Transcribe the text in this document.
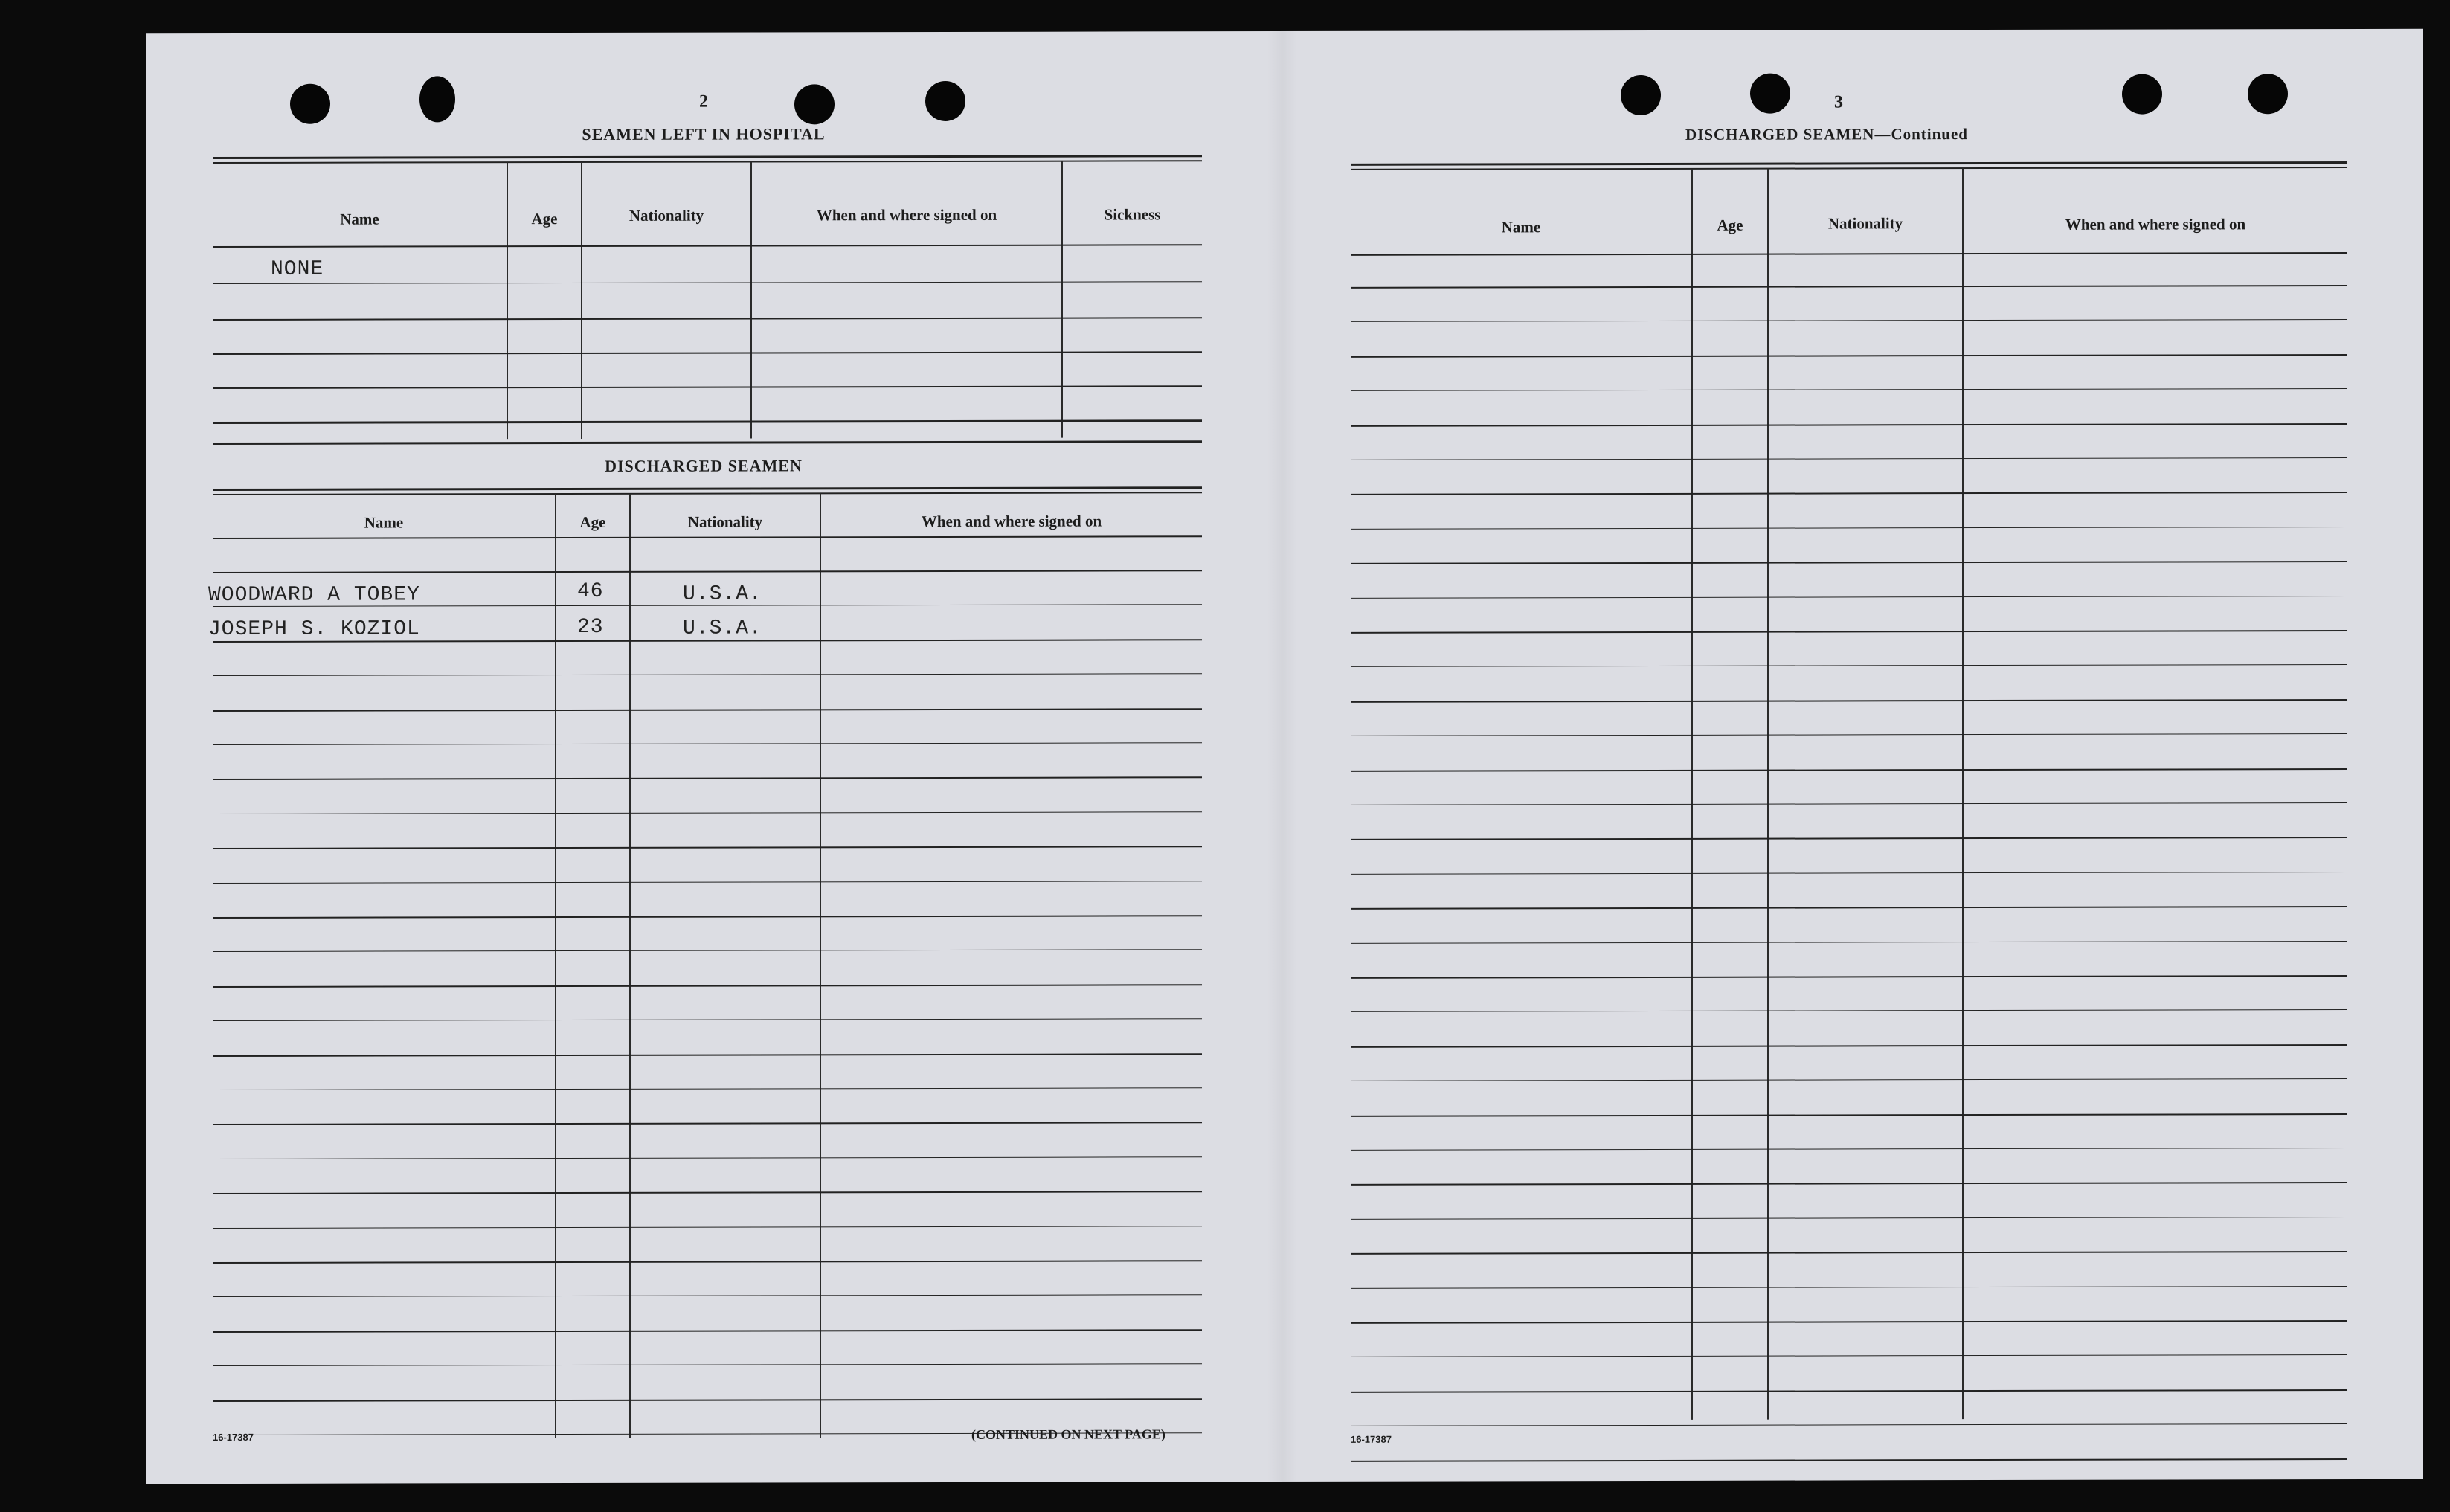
2
SEAMEN LEFT IN HOSPITAL
Name	Age	Nationality	When and where signed on	Sickness
NONE
DISCHARGED SEAMEN
Name	Age	Nationality	When and where signed on
WOODWARD A TOBEY	46	U.S.A.
JOSEPH S. KOZIOL	23	U.S.A.
16-17387	(CONTINUED ON NEXT PAGE)
3
DISCHARGED SEAMEN—Continued
Name	Age	Nationality	When and where signed on
16-17387
